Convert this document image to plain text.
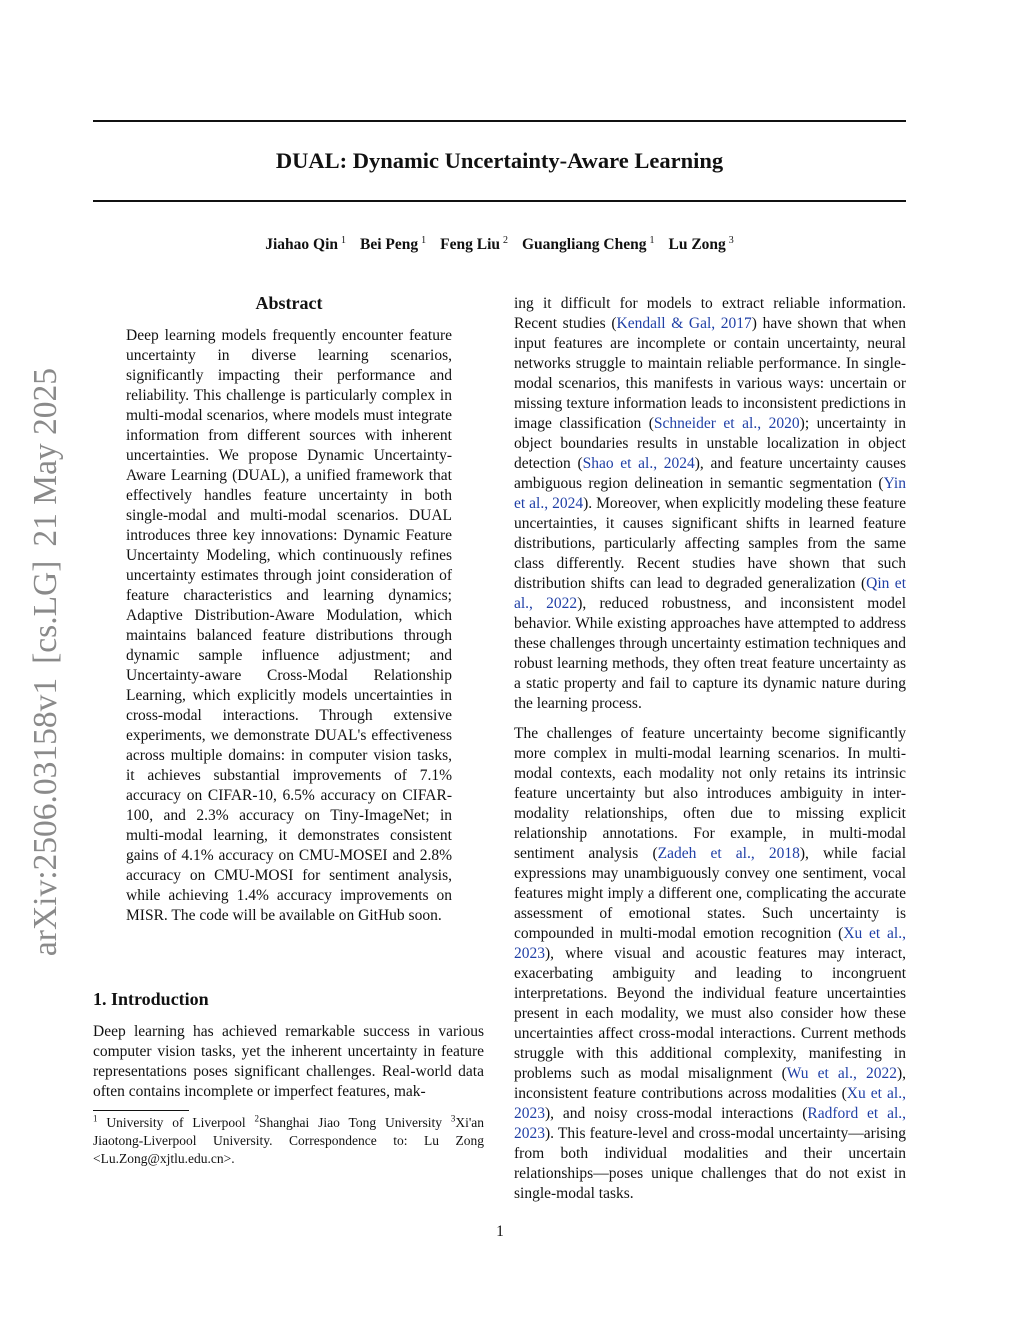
arXiv:2506.03158v1[cs.LG]21 May 2025
DUAL: Dynamic Uncertainty-Aware Learning
Jiahao Qin $^1$ Bei Peng $^1$ Feng Liu $^2$ Guangliang Cheng $^1$ Lu Zong $^3$
Abstract

Deep learning models frequently encounter feature uncertainty in diverse learning scenarios, significantly impacting their performance and reliability. This challenge is particularly complex in multi-modal scenarios, where models must integrate information from different sources with inherent uncertainties. We propose Dynamic Uncertainty-Aware Learning (DUAL), a unified framework that effectively handles feature uncertainty in both single-modal and multi-modal scenarios. DUAL introduces three key innovations: Dynamic Feature Uncertainty Modeling, which continuously refines uncertainty estimates through joint consideration of feature characteristics and learning dynamics; Adaptive Distribution-Aware Modulation, which maintains balanced feature distributions through dynamic sample influence adjustment; and Uncertainty-aware Cross-Modal Relationship Learning, which explicitly models uncertainties in cross-modal interactions. Through extensive experiments, we demonstrate DUAL's effectiveness across multiple domains: in computer vision tasks, it achieves substantial improvements of 7.1% accuracy on CIFAR-10, 6.5% accuracy on CIFAR-100, and 2.3% accuracy on Tiny-ImageNet; in multi-modal learning, it demonstrates consistent gains of 4.1% accuracy on CMU-MOSEI and 2.8% accuracy on CMU-MOSI for sentiment analysis, while achieving 1.4% accuracy improvements on MISR. The code will be available on GitHub soon.

1. Introduction

Deep learning has achieved remarkable success in various computer vision tasks, yet the inherent uncertainty in feature representations poses significant challenges. Real-world data often contains incomplete or imperfect features, mak-

$^1$ University of Liverpool $^2$Shanghai Jiao Tong University $^3$Xi'an Jiaotong-Liverpool University. Correspondence to: Lu Zong <Lu.Zong@xjtlu.edu.cn>.

ing it difficult for models to extract reliable information. Recent studies (Kendall & Gal, 2017) have shown that when input features are incomplete or contain uncertainty, neural networks struggle to maintain reliable performance. In single-modal scenarios, this manifests in various ways: uncertain or missing texture information leads to inconsistent predictions in image classification (Schneider et al., 2020); uncertainty in object boundaries results in unstable localization in object detection (Shao et al., 2024), and feature uncertainty causes ambiguous region delineation in semantic segmentation (Yin et al., 2024). Moreover, when explicitly modeling these feature uncertainties, it causes significant shifts in learned feature distributions, particularly affecting samples from the same class differently. Recent studies have shown that such distribution shifts can lead to degraded generalization (Qin et al., 2022), reduced robustness, and inconsistent model behavior. While existing approaches have attempted to address these challenges through uncertainty estimation techniques and robust learning methods, they often treat feature uncertainty as a static property and fail to capture its dynamic nature during the learning process.

The challenges of feature uncertainty become significantly more complex in multi-modal learning scenarios. In multi-modal contexts, each modality not only retains its intrinsic feature uncertainty but also introduces ambiguity in inter-modality relationships, often due to missing explicit relationship annotations. For example, in multi-modal sentiment analysis (Zadeh et al., 2018), while facial expressions may unambiguously convey one sentiment, vocal features might imply a different one, complicating the accurate assessment of emotional states. Such uncertainty is compounded in multi-modal emotion recognition (Xu et al., 2023), where visual and acoustic features may interact, exacerbating ambiguity and leading to incongruent interpretations. Beyond the individual feature uncertainties present in each modality, we must also consider how these uncertainties affect cross-modal interactions. Current methods struggle with this additional complexity, manifesting in problems such as modal misalignment (Wu et al., 2022), inconsistent feature contributions across modalities (Xu et al., 2023), and noisy cross-modal interactions (Radford et al., 2023). This feature-level and cross-modal uncertainty—arising from both individual modalities and their uncertain relationships—poses unique challenges that do not exist in single-modal tasks.

1
